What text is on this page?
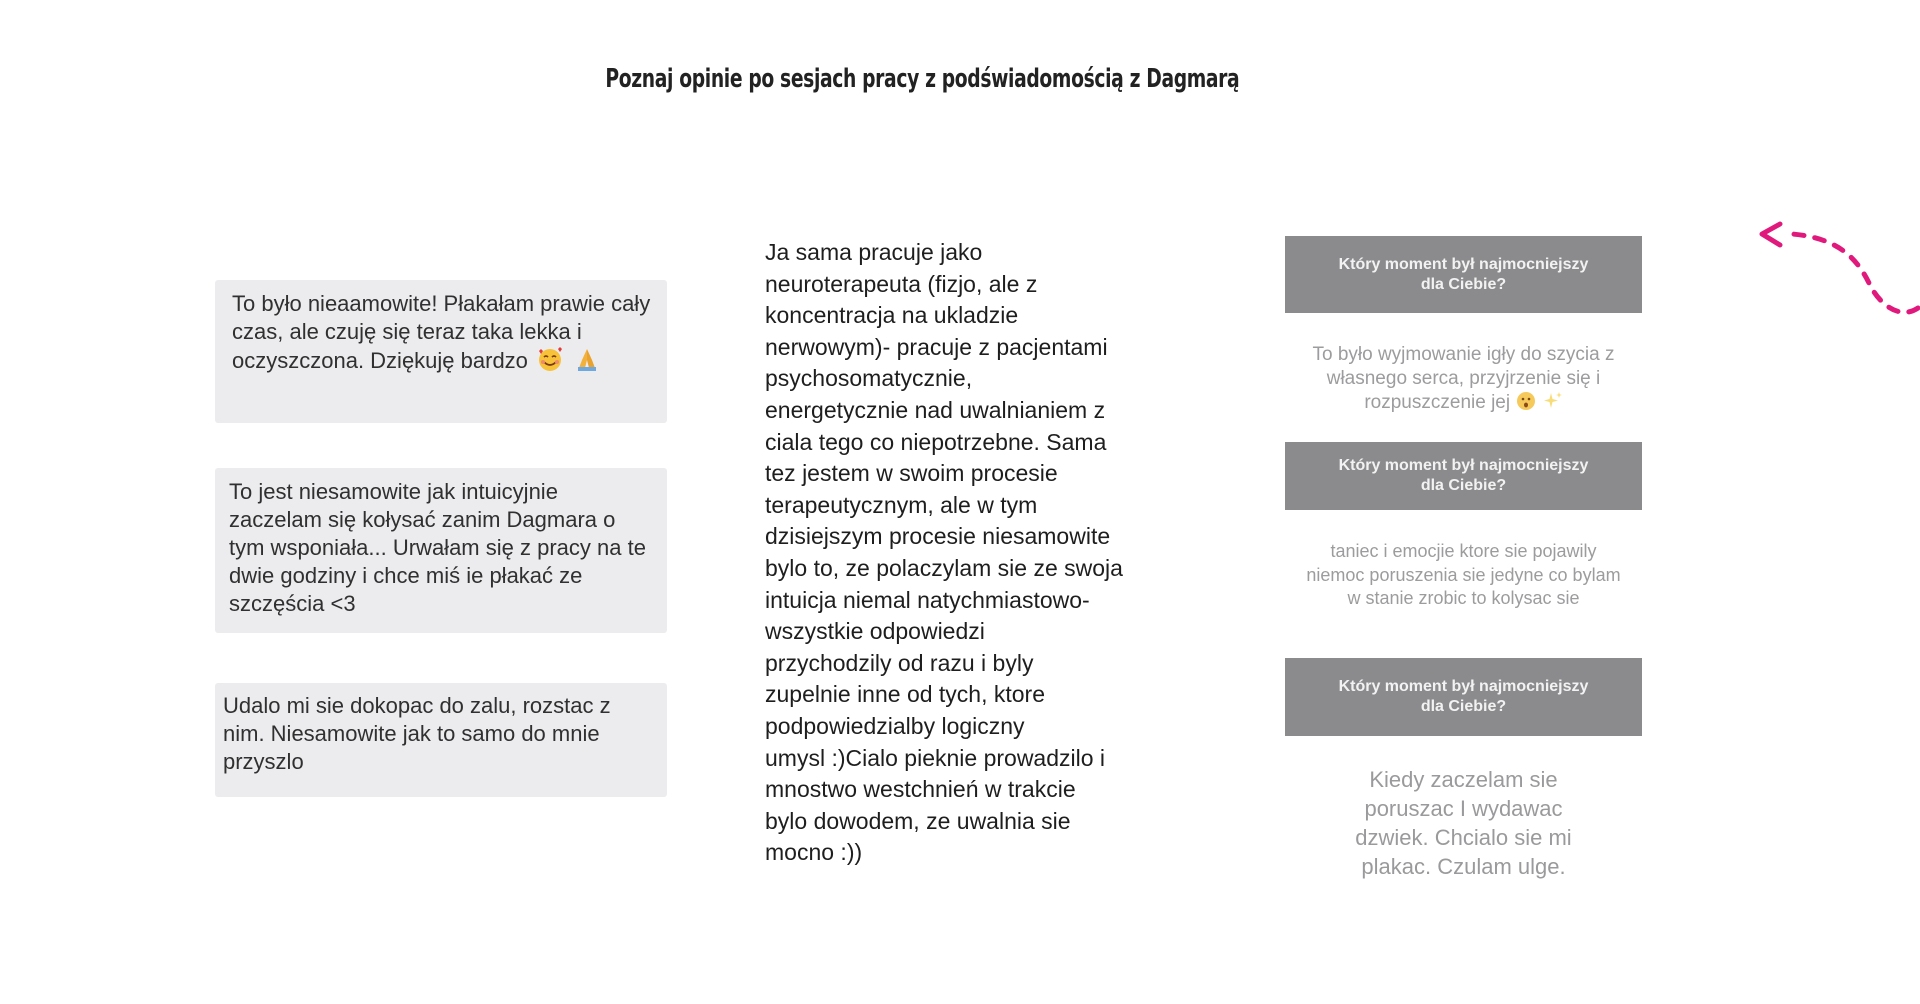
Poznaj opinie po sesjach pracy z podświadomością z Dagmarą
To było nieaamowite! Płakałam prawie cały czas, ale czuję się teraz taka lekka i oczyszczona. Dziękuję bardzo
To jest niesamowite jak intuicyjnie zaczelam się kołysać zanim Dagmara o tym wsponiała... Urwałam się z pracy na te dwie godziny i chce miś ie płakać ze szczęścia <3
Udalo mi sie dokopac do zalu, rozstac z nim. Niesamowite jak to samo do mnie przyszlo
Ja sama pracuje jako
neuroterapeuta (fizjo, ale z
koncentracja na ukladzie
nerwowym)- pracuje z pacjentami
psychosomatycznie,
energetycznie nad uwalnianiem z
ciala tego co niepotrzebne. Sama
tez jestem w swoim procesie
terapeutycznym, ale w tym
dzisiejszym procesie niesamowite
bylo to, ze polaczylam sie ze swoja
intuicja niemal natychmiastowo-
wszystkie odpowiedzi
przychodzily od razu i byly
zupelnie inne od tych, ktore
podpowiedzialby logiczny
umysl :)Cialo pieknie prowadzilo i
mnostwo westchnień w trakcie
bylo dowodem, ze uwalnia sie
mocno :))
Który moment był najmocniejszy dla Ciebie?
To było wyjmowanie igły do szycia z własnego serca, przyjrzenie się i rozpuszczenie jej
Który moment był najmocniejszy dla Ciebie?
taniec i emocjie ktore sie pojawily niemoc poruszenia sie jedyne co bylam w stanie zrobic to kolysac sie
Który moment był najmocniejszy dla Ciebie?
Kiedy zaczelam sie poruszac I wydawac dzwiek. Chcialo sie mi plakac. Czulam ulge.
